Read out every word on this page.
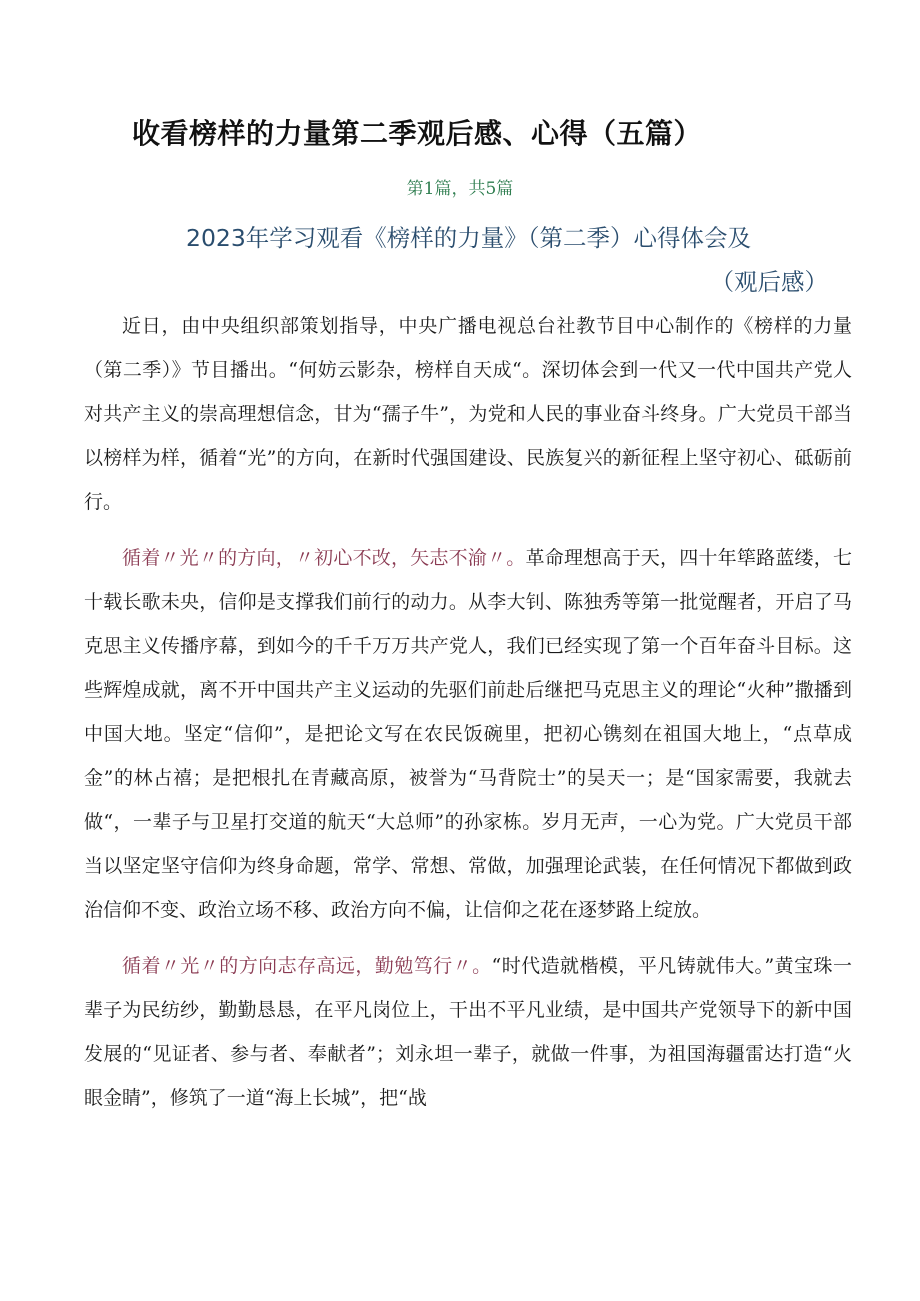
收看榜样的力量第二季观后感、心得（五篇）
第1篇，共5篇
2023年学习观看《榜样的力量》（第二季）心得体会及
（观后感）

近日，由中央组织部策划指导，中央广播电视总台社教节目中心制作的《榜样的力量（第二季）》节目播出。“何妨云影杂，榜样自天成“。深切体会到一代又一代中国共产党人对共产主义的崇高理想信念，甘为“孺子牛”，为党和人民的事业奋斗终身。广大党员干部当以榜样为样，循着“光”的方向，在新时代强国建设、民族复兴的新征程上坚守初心、砥砺前行。

循着〃光〃的方向，〃初心不改，矢志不渝〃。革命理想高于天，四十年筚路蓝缕，七十载长歌未央，信仰是支撑我们前行的动力。从李大钊、陈独秀等第一批觉醒者，开启了马克思主义传播序幕，到如今的千千万万共产党人，我们已经实现了第一个百年奋斗目标。这些辉煌成就，离不开中国共产主义运动的先驱们前赴后继把马克思主义的理论“火种”撒播到中国大地。坚定“信仰”，是把论文写在农民饭碗里，把初心镌刻在祖国大地上，“点草成金”的林占禧；是把根扎在青藏高原，被誉为“马背院士”的吴天一；是“国家需要，我就去做“，一辈子与卫星打交道的航天“大总师”的孙家栋。岁月无声，一心为党。广大党员干部当以坚定坚守信仰为终身命题，常学、常想、常做，加强理论武装，在任何情况下都做到政治信仰不变、政治立场不移、政治方向不偏，让信仰之花在逐梦路上绽放。

循着〃光〃的方向志存高远，勤勉笃行〃。“时代造就楷模，平凡铸就伟大。”黄宝珠一辈子为民纺纱，勤勤恳恳，在平凡岗位上，干出不平凡业绩，是中国共产党领导下的新中国发展的“见证者、参与者、奉献者”；刘永坦一辈子，就做一件事，为祖国海疆雷达打造“火眼金睛”，修筑了一道“海上长城”，把“战
